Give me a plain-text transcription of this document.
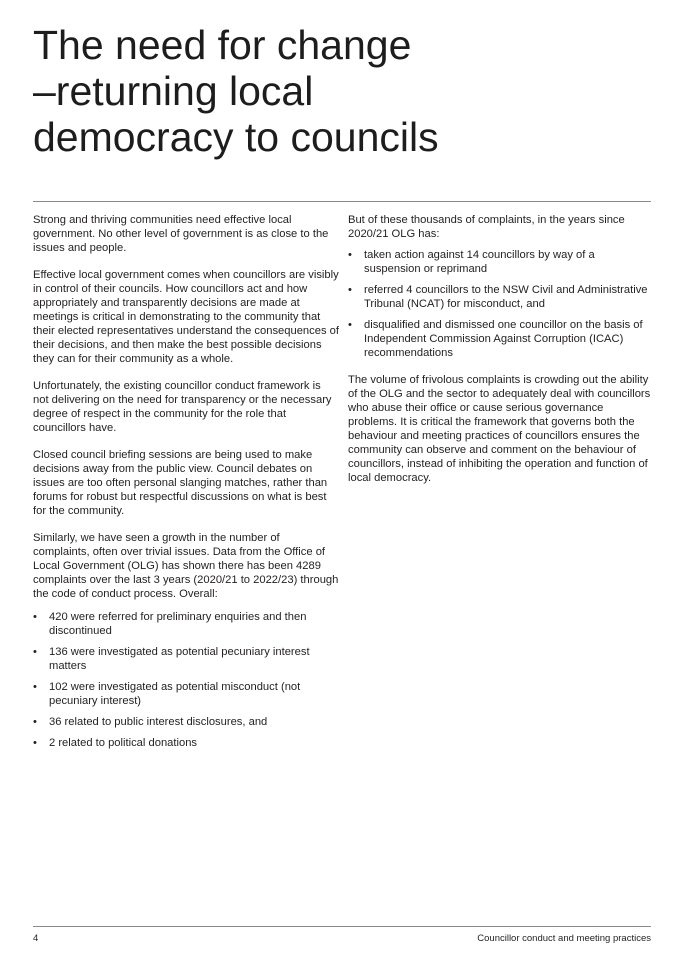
The need for change
–returning local
democracy to councils

Strong and thriving communities need effective local government. No other level of government is as close to the issues and people.

Effective local government comes when councillors are visibly in control of their councils. How councillors act and how appropriately and transparently decisions are made at meetings is critical in demonstrating to the community that their elected representatives understand the consequences of their decisions, and then make the best possible decisions they can for their community as a whole.

Unfortunately, the existing councillor conduct framework is not delivering on the need for transparency or the necessary degree of respect in the community for the role that councillors have.

Closed council briefing sessions are being used to make decisions away from the public view. Council debates on issues are too often personal slanging matches, rather than forums for robust but respectful discussions on what is best for the community.

Similarly, we have seen a growth in the number of complaints, often over trivial issues. Data from the Office of Local Government (OLG) has shown there has been 4289 complaints over the last 3 years (2020/21 to 2022/23) through the code of conduct process. Overall:

• 420 were referred for preliminary enquiries and then discontinued
• 136 were investigated as potential pecuniary interest matters
• 102 were investigated as potential misconduct (not pecuniary interest)
• 36 related to public interest disclosures, and
• 2 related to political donations

But of these thousands of complaints, in the years since 2020/21 OLG has:

• taken action against 14 councillors by way of a suspension or reprimand
• referred 4 councillors to the NSW Civil and Administrative Tribunal (NCAT) for misconduct, and
• disqualified and dismissed one councillor on the basis of Independent Commission Against Corruption (ICAC) recommendations

The volume of frivolous complaints is crowding out the ability of the OLG and the sector to adequately deal with councillors who abuse their office or cause serious governance problems. It is critical the framework that governs both the behaviour and meeting practices of councillors ensures the community can observe and comment on the behaviour of councillors, instead of inhibiting the operation and function of local democracy.

4	Councillor conduct and meeting practices
